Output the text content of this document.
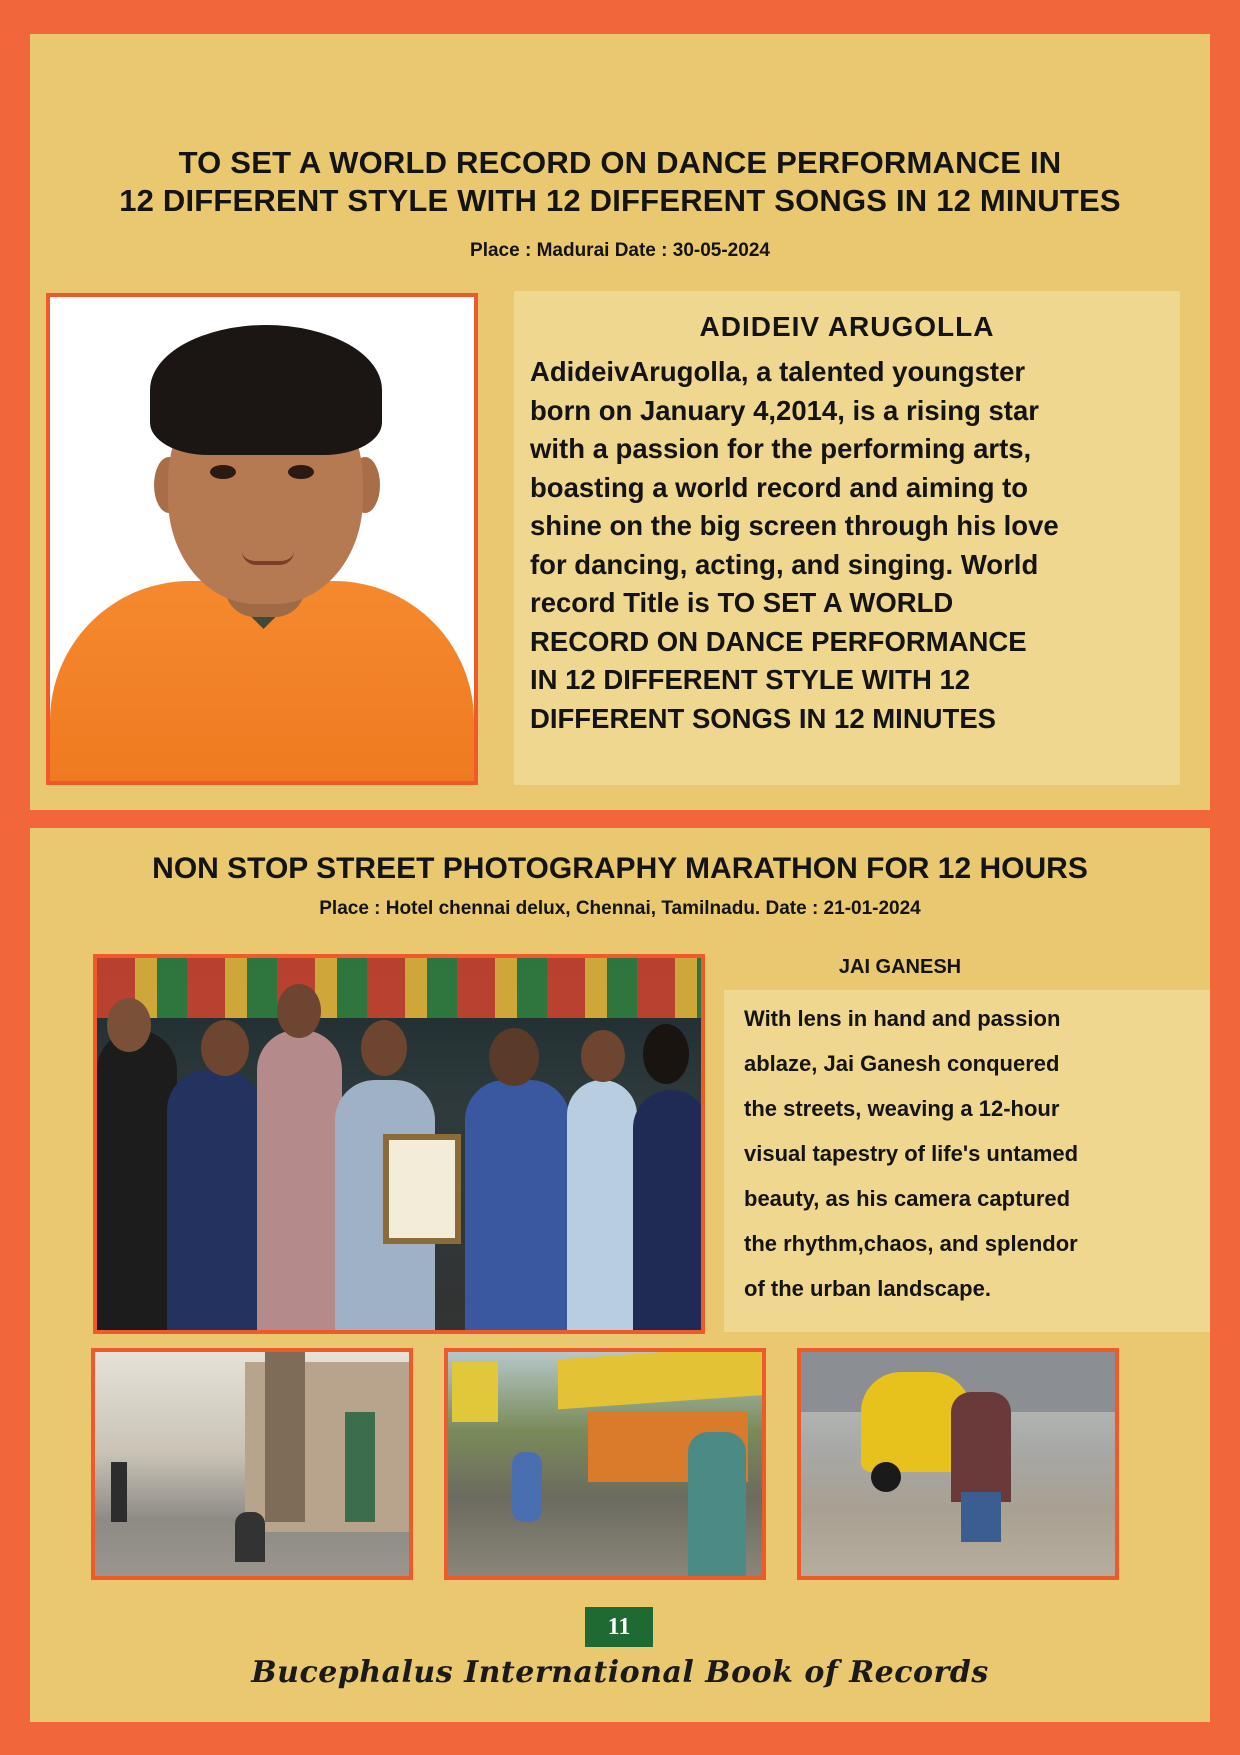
TO SET A WORLD RECORD ON DANCE PERFORMANCE IN
12 DIFFERENT STYLE WITH 12 DIFFERENT SONGS IN 12 MINUTES
Place : Madurai Date : 30-05-2024
ADIDEIV ARUGOLLA

AdideivArugolla, a talented youngster
born on January 4,2014, is a rising star
with a passion for the performing arts,
boasting a world record and aiming to
shine on the big screen through his love
for dancing, acting, and singing. World
record Title is TO SET A WORLD
RECORD ON DANCE PERFORMANCE
IN 12 DIFFERENT STYLE WITH 12
DIFFERENT SONGS IN 12 MINUTES

NON STOP STREET PHOTOGRAPHY MARATHON FOR 12 HOURS
Place : Hotel chennai delux, Chennai, Tamilnadu. Date : 21-01-2024
JAI GANESH

With lens in hand and passion
ablaze, Jai Ganesh conquered
the streets, weaving a 12-hour
visual tapestry of life's untamed
beauty, as his camera captured
the rhythm,chaos, and splendor
of the urban landscape.

11
Bucephalus International Book of Records
